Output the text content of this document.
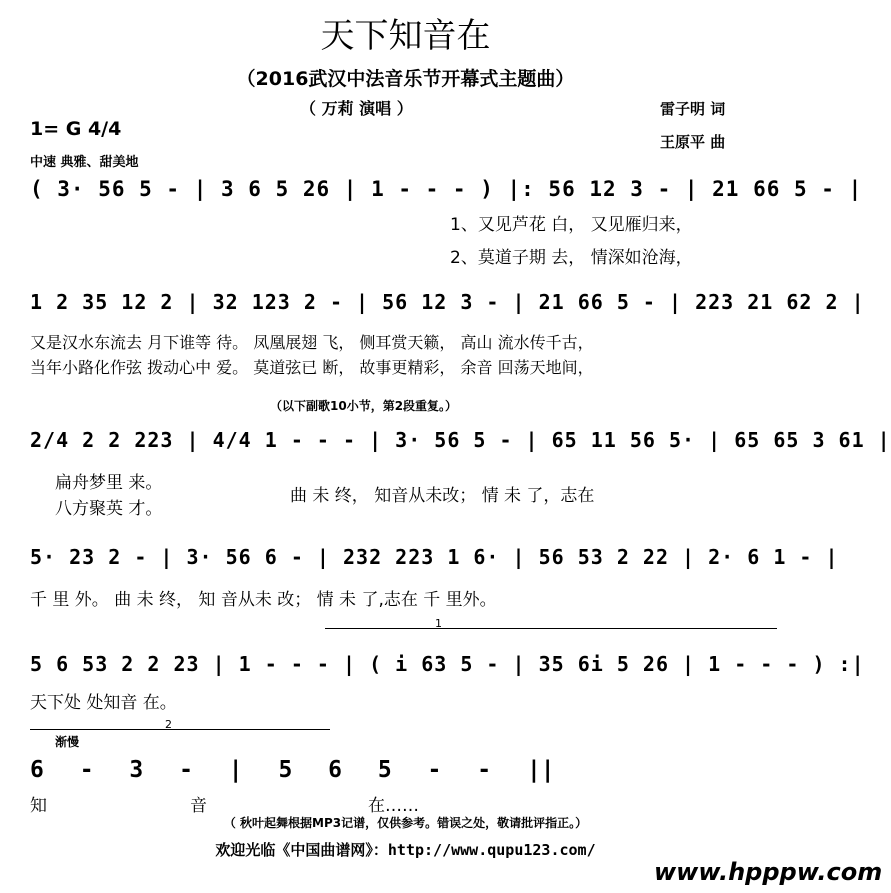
天下知音在
（2016武汉中法音乐节开幕式主题曲）
（ 万莉 演唱 ）	雷子明 词
王原平 曲
1= G 4/4
中速 典雅、甜美地
( 3· 56 5 - | 3 6 5 26 | 1 - - - ) |: 56 12 3 - | 21 66 5 - |
1、又见芦花 白， 又见雁归来，
2、莫道子期 去， 情深如沧海，
1 2 35 12 2 | 32 123 2 - | 56 12 3 - | 21 66 5 - | 223 21 62 2 |
又是汉水东流去 月下谁等 待。 凤凰展翅 飞， 侧耳赏天籁， 高山 流水传千古，
当年小路化作弦 拨动心中 爱。 莫道弦已 断， 故事更精彩， 余音 回荡天地间，
（以下副歌10小节，第2段重复。）
2/4 2 2 223 | 4/4 1 - - - | 3· 56 5 - | 65 11 56 5· | 65 65 3 61 |
扁舟梦里 来。
八方聚英 才。
曲 未 终， 知音从未改； 情 未 了，志在
5· 23 2 - | 3· 56 6 - | 232 223 1 6· | 56 53 2 22 | 2· 6 1 - |
千 里 外。 曲 未 终， 知 音从未 改； 情 未 了,志在 千 里外。
1
5 6 53 2 2 23 | 1 - - - | ( i 63 5 - | 35 6i 5 26 | 1 - - - ) :|
天下处 处知音 在。
2
渐慢
6 - 3 - | 5 6 5 - - ||
知	音	在……
（ 秋叶起舞根据MP3记谱，仅供参考。错误之处，敬请批评指正。）
欢迎光临《中国曲谱网》：http://www.qupu123.com/
www.hpppw.com
